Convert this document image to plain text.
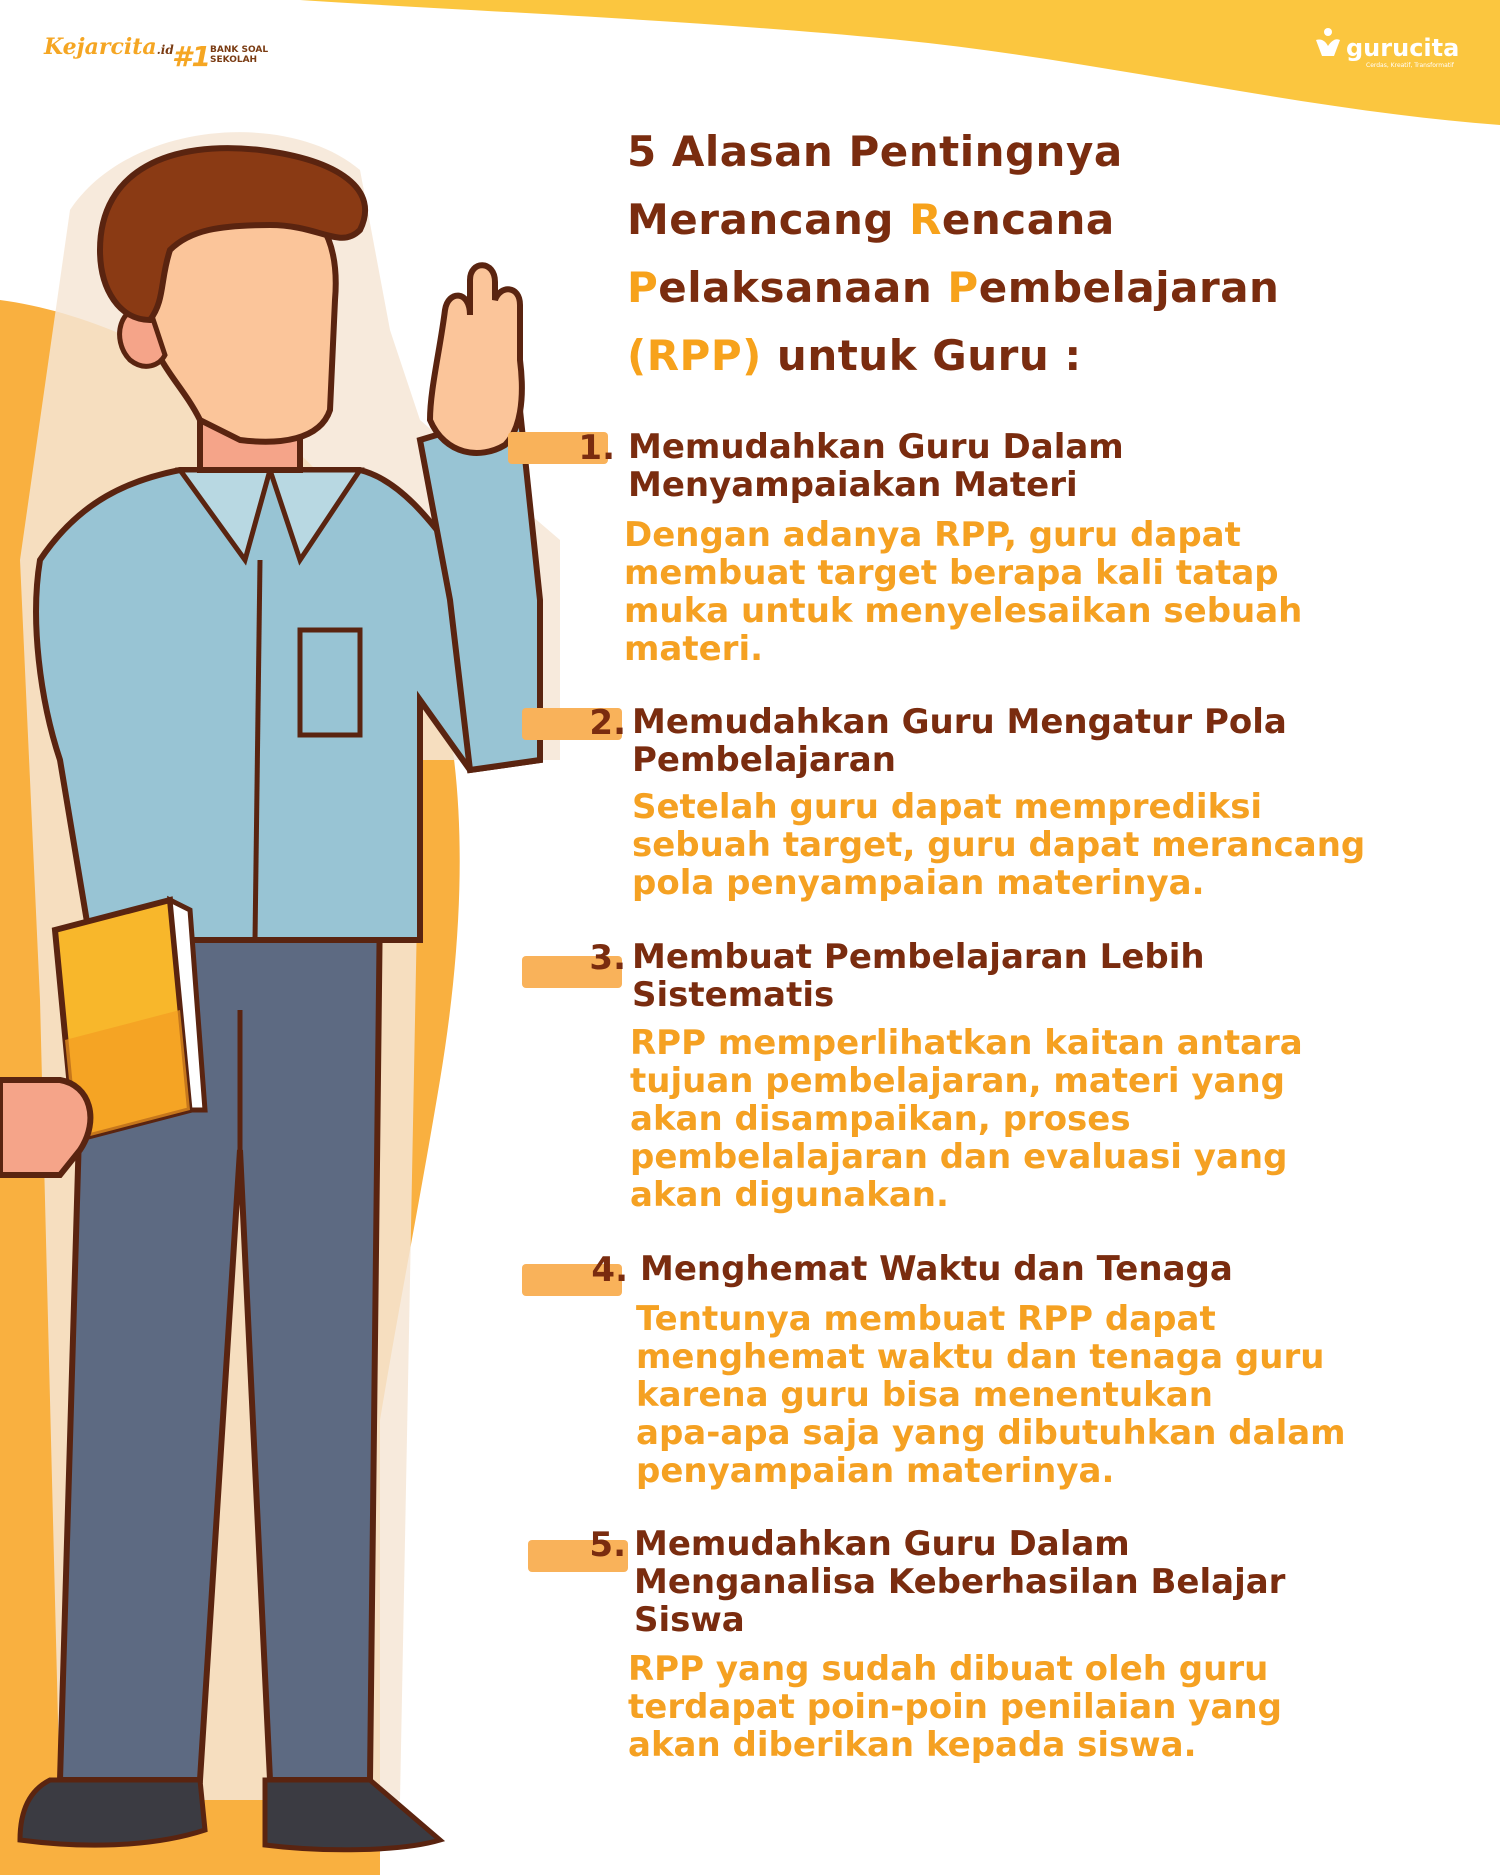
Kejarcita.id
#1 BANK SOAL SEKOLAH	gurucita
Cerdas, Kreatif, Transformatif
5 Alasan Pentingnya
Merancang Rencana
Pelaksanaan Pembelajaran
(RPP) untuk Guru :
1. Memudahkan Guru Dalam
Menyampaiakan Materi
Dengan adanya RPP, guru dapat
membuat target berapa kali tatap
muka untuk menyelesaikan sebuah
materi.
2. Memudahkan Guru Mengatur Pola
Pembelajaran
Setelah guru dapat memprediksi
sebuah target, guru dapat merancang
pola penyampaian materinya.
3. Membuat Pembelajaran Lebih
Sistematis
RPP memperlihatkan kaitan antara
tujuan pembelajaran, materi yang
akan disampaikan, proses
pembelalajaran dan evaluasi yang
akan digunakan.
4. Menghemat Waktu dan Tenaga
Tentunya membuat RPP dapat
menghemat waktu dan tenaga guru
karena guru bisa menentukan
apa-apa saja yang dibutuhkan dalam
penyampaian materinya.
5. Memudahkan Guru Dalam
Menganalisa Keberhasilan Belajar
Siswa
RPP yang sudah dibuat oleh guru
terdapat poin-poin penilaian yang
akan diberikan kepada siswa.
